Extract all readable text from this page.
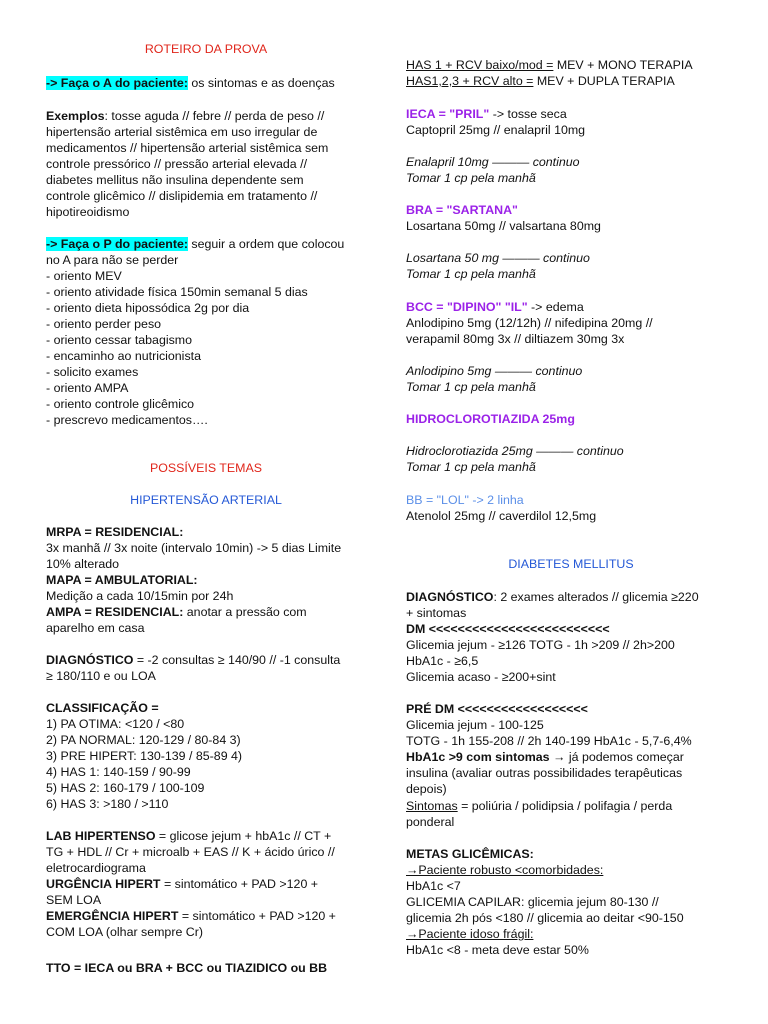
ROTEIRO DA PROVA
-> Faça o A do paciente: os sintomas e as doenças
Exemplos: tosse aguda // febre // perda de peso //
hipertensão arterial sistêmica em uso irregular de
medicamentos // hipertensão arterial sistêmica sem
controle pressórico // pressão arterial elevada //
diabetes mellitus não insulina dependente sem
controle glicêmico // dislipidemia em tratamento //
hipotireoidismo
-> Faça o P do paciente: seguir a ordem que colocou
no A para não se perder
- oriento MEV
- oriento atividade física 150min semanal 5 dias
- oriento dieta hipossódica 2g por dia
- oriento perder peso
- oriento cessar tabagismo
- encaminho ao nutricionista
- solicito exames
- oriento AMPA
- oriento controle glicêmico
- prescrevo medicamentos….
POSSÍVEIS TEMAS
HIPERTENSÃO ARTERIAL
MRPA = RESIDENCIAL:
3x manhã // 3x noite (intervalo 10min) -> 5 dias Limite
10% alterado
MAPA = AMBULATORIAL:
Medição a cada 10/15min por 24h
AMPA = RESIDENCIAL: anotar a pressão com
aparelho em casa
DIAGNÓSTICO = -2 consultas ≥ 140/90 // -1 consulta
≥ 180/110 e ou LOA
CLASSIFICAÇÃO =
1) PA OTIMA: <120 / <80
2) PA NORMAL: 120-129 / 80-84 3)
3) PRE HIPERT: 130-139 / 85-89 4)
4) HAS 1: 140-159 / 90-99
5) HAS 2: 160-179 / 100-109
6) HAS 3: >180 / >110
LAB HIPERTENSO = glicose jejum + hbA1c // CT +
TG + HDL // Cr + microalb + EAS // K + ácido úrico //
eletrocardiograma
URGÊNCIA HIPERT = sintomático + PAD >120 +
SEM LOA
EMERGÊNCIA HIPERT = sintomático + PAD >120 +
COM LOA (olhar sempre Cr)
TTO = IECA ou BRA + BCC ou TIAZIDICO ou BB
HAS 1 + RCV baixo/mod = MEV + MONO TERAPIA
HAS1,2,3 + RCV alto = MEV + DUPLA TERAPIA
IECA = "PRIL" -> tosse seca
Captopril 25mg // enalapril 10mg
Enalapril 10mg ——— continuo
Tomar 1 cp pela manhã
BRA = "SARTANA"
Losartana 50mg // valsartana 80mg
Losartana 50 mg ——— continuo
Tomar 1 cp pela manhã
BCC = "DIPINO" "IL" -> edema
Anlodipino 5mg (12/12h) // nifedipina 20mg //
verapamil 80mg 3x // diltiazem 30mg 3x
Anlodipino 5mg ——— continuo
Tomar 1 cp pela manhã
HIDROCLOROTIAZIDA 25mg
Hidroclorotiazida 25mg ——— continuo
Tomar 1 cp pela manhã
BB = "LOL" -> 2 linha
Atenolol 25mg // caverdilol 12,5mg
DIABETES MELLITUS
DIAGNÓSTICO: 2 exames alterados // glicemia ≥220
+ sintomas
DM <<<<<<<<<<<<<<<<<<<<<<<<<
Glicemia jejum - ≥126 TOTG - 1h >209 // 2h>200
HbA1c - ≥6,5
Glicemia acaso - ≥200+sint
PRÉ DM <<<<<<<<<<<<<<<<<<
Glicemia jejum - 100-125
TOTG - 1h 155-208 // 2h 140-199 HbA1c - 5,7-6,4%
HbA1c >9 com sintomas → já podemos começar
insulina (avaliar outras possibilidades terapêuticas
depois)
Sintomas = poliúria / polidipsia / polifagia / perda
ponderal
METAS GLICÊMICAS:
→Paciente robusto <comorbidades:
HbA1c <7
GLICEMIA CAPILAR: glicemia jejum 80-130 //
glicemia 2h pós <180 // glicemia ao deitar <90-150
→Paciente idoso frágil:
HbA1c <8 - meta deve estar 50%
